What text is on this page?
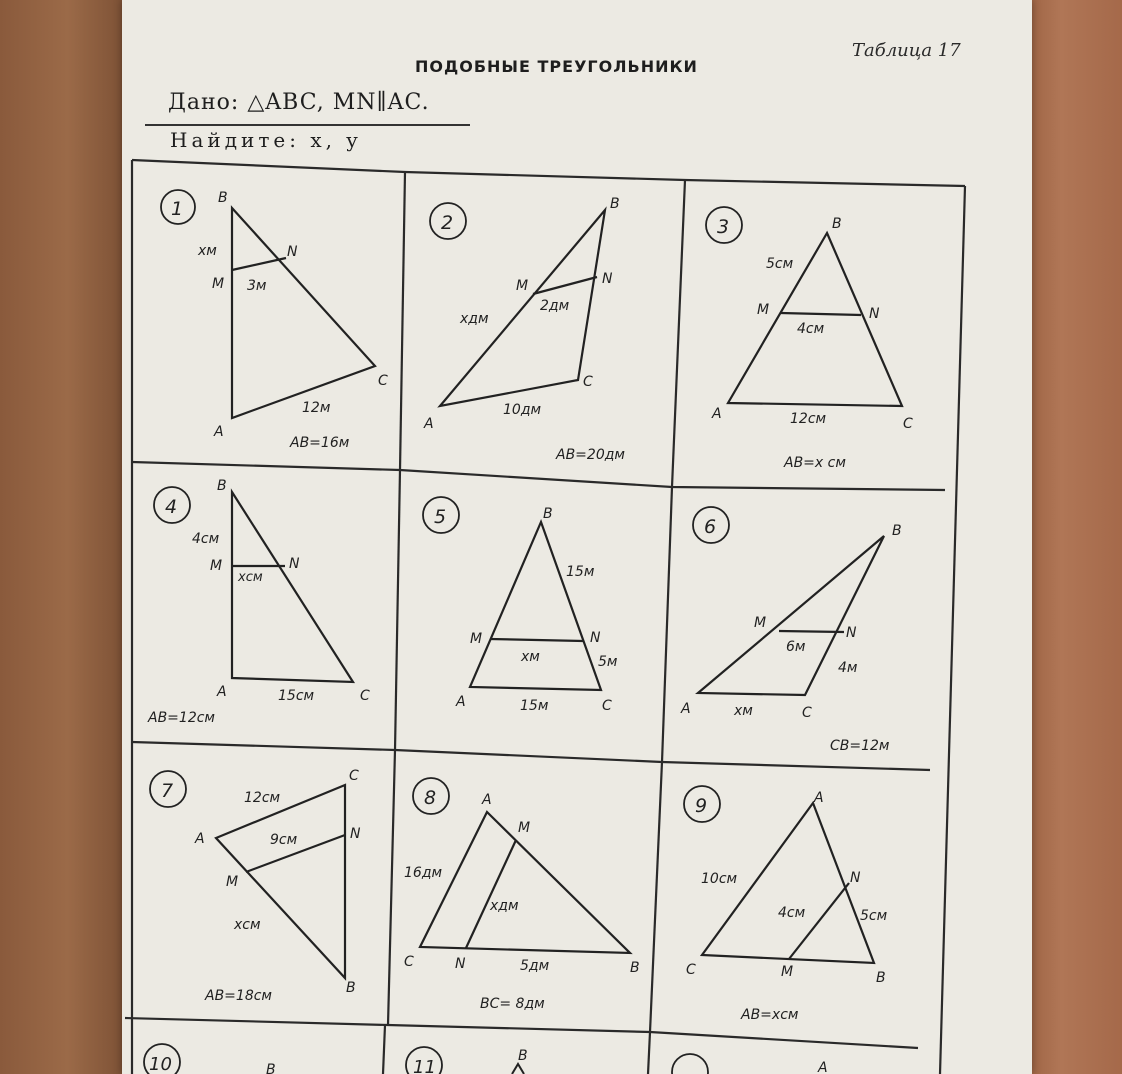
ПОДОБНЫЕ ТРЕУГОЛЬНИКИ
Таблица 17
Дано: △ABC, MN∥AC.
Найдите: x, y
1 B
M
N
A
C
xм
3м
12м
AB=16м
2
B
M	N
A
C
xдм
2дм
10дм
AB=20дм
3	B
M	N
A
C
5см
4см
12см
AB=x см
4
B
M	N
A	C
4см
xсм
15см
AB=12см
5	B
M	N
A	C
15м
xм	5м
15м
6	B
M
N
A	C
6м
4м
xм
CB=12м
7
C
A	N
M
B
12см
9см
xсм
AB=18см
8	A
M
C	N	B
16дм
xдм
5дм
BC= 8дм
9	A
N
C	M	B
10см
4см	5см
AB=xсм
10	B	11
B
A
